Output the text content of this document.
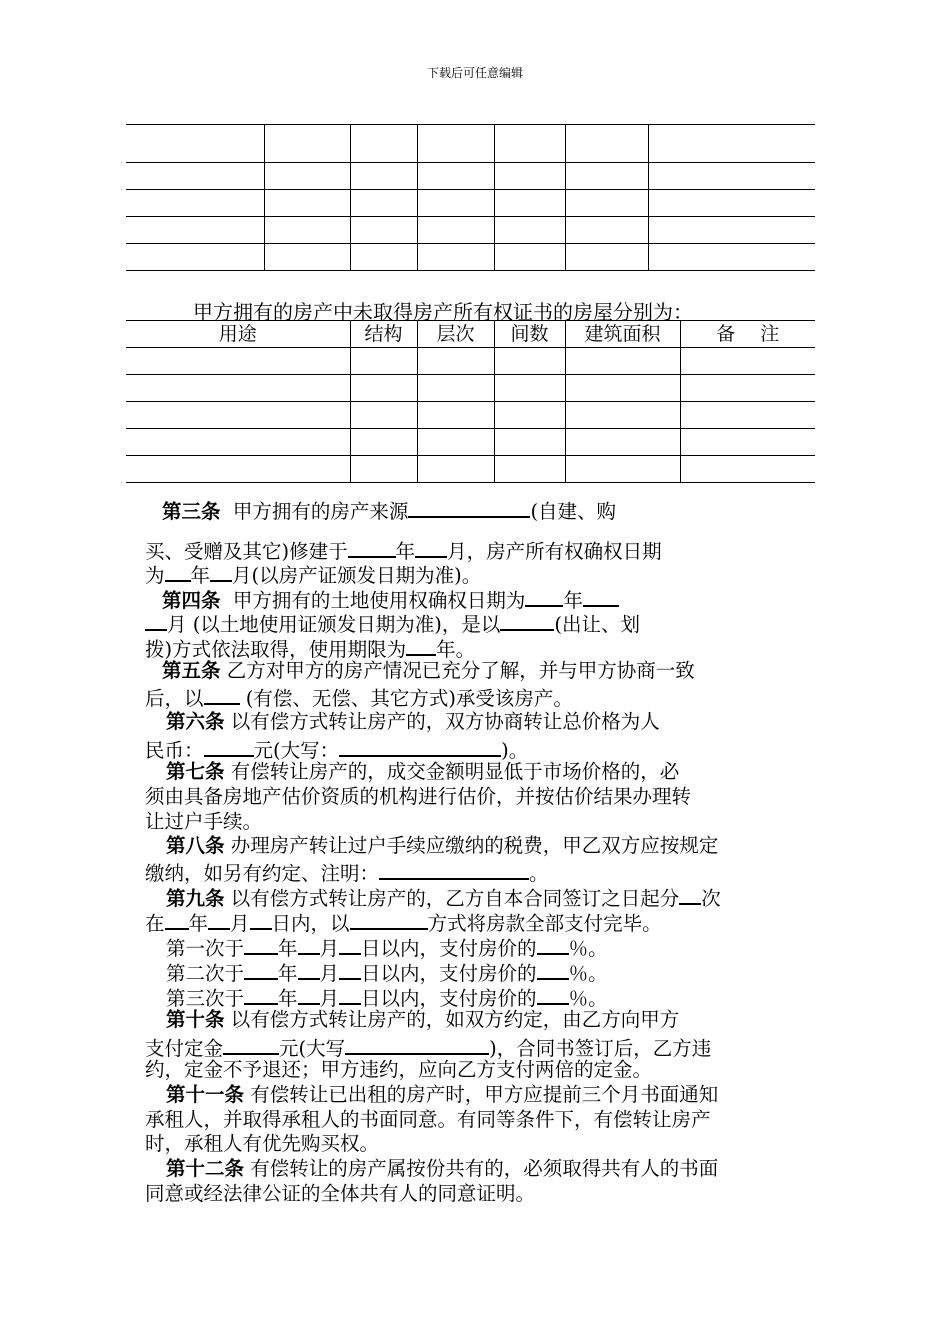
下载后可任意编辑

甲方拥有的房产中未取得房产所有权证书的房屋分别为：
用途	结构	层次	间数	建筑面积	备　 注

第三条 甲方拥有的房产来源	(自建、购
买、受赠及其它)修建于 年 月，房产所有权确权日期
为 年 月(以房产证颁发日期为准)。
第四条 甲方拥有的土地使用权确权日期为 年
月 (以土地使用证颁发日期为准)，是以	(出让、划
拨)方式依法取得，使用期限为 年。
第五条 乙方对甲方的房产情况已充分了解，并与甲方协商一致
后，以 (有偿、无偿、其它方式)承受该房产。
第六条 以有偿方式转让房产的，双方协商转让总价格为人
民币：	元(大写：	)。
第七条 有偿转让房产的，成交金额明显低于市场价格的，必
须由具备房地产估价资质的机构进行估价，并按估价结果办理转
让过户手续。
第八条 办理房产转让过户手续应缴纳的税费，甲乙双方应按规定
缴纳，如另有约定、注明：	。
第九条 以有偿方式转让房产的，乙方自本合同签订之日起分 次
在 年 月 日内，以	方式将房款全部支付完毕。
第一次于 年 月 日以内，支付房价的 ％。
第二次于 年 月 日以内，支付房价的 ％。
第三次于 年 月 日以内，支付房价的 ％。
第十条 以有偿方式转让房产的，如双方约定，由乙方向甲方
支付定金	元(大写	)，合同书签订后，乙方违
约，定金不予退还；甲方违约，应向乙方支付两倍的定金。
第十一条 有偿转让已出租的房产时，甲方应提前三个月书面通知
承租人，并取得承租人的书面同意。有同等条件下，有偿转让房产
时，承租人有优先购买权。
第十二条 有偿转让的房产属按份共有的，必须取得共有人的书面
同意或经法律公证的全体共有人的同意证明。
